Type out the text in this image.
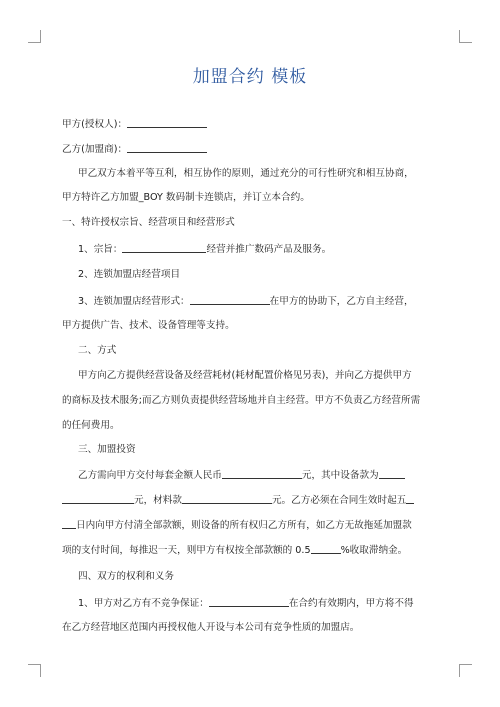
加盟合约 模板
甲方(授权人)：
乙方(加盟商)：
甲乙双方本着平等互利，相互协作的原则，通过充分的可行性研究和相互协商，
甲方特许乙方加盟_BOY 数码制卡连锁店，并订立本合约。
一、特许授权宗旨、经营项目和经营形式
1、宗旨：	经营并推广数码产品及服务。
2、连锁加盟店经营项目
3、连锁加盟店经营形式：	在甲方的协助下，乙方自主经营，
甲方提供广告、技术、设备管理等支持。
二、方式
甲方向乙方提供经营设备及经营耗材(耗材配置价格见另表)，并向乙方提供甲方
的商标及技术服务;而乙方则负责提供经营场地并自主经营。甲方不负责乙方经营所需
的任何费用。
三、加盟投资
乙方需向甲方交付每套金额人民币	元，其中设备款为
元，材料款	元。乙方必须在合同生效时起五
日内向甲方付清全部款额，则设备的所有权归乙方所有，如乙方无故拖延加盟款
项的支付时间，每推迟一天，则甲方有权按全部款额的 0.5	%收取滞纳金。
四、双方的权利和义务
1、甲方对乙方有不竞争保证：	在合约有效期内，甲方将不得
在乙方经营地区范围内再授权他人开设与本公司有竞争性质的加盟店。
